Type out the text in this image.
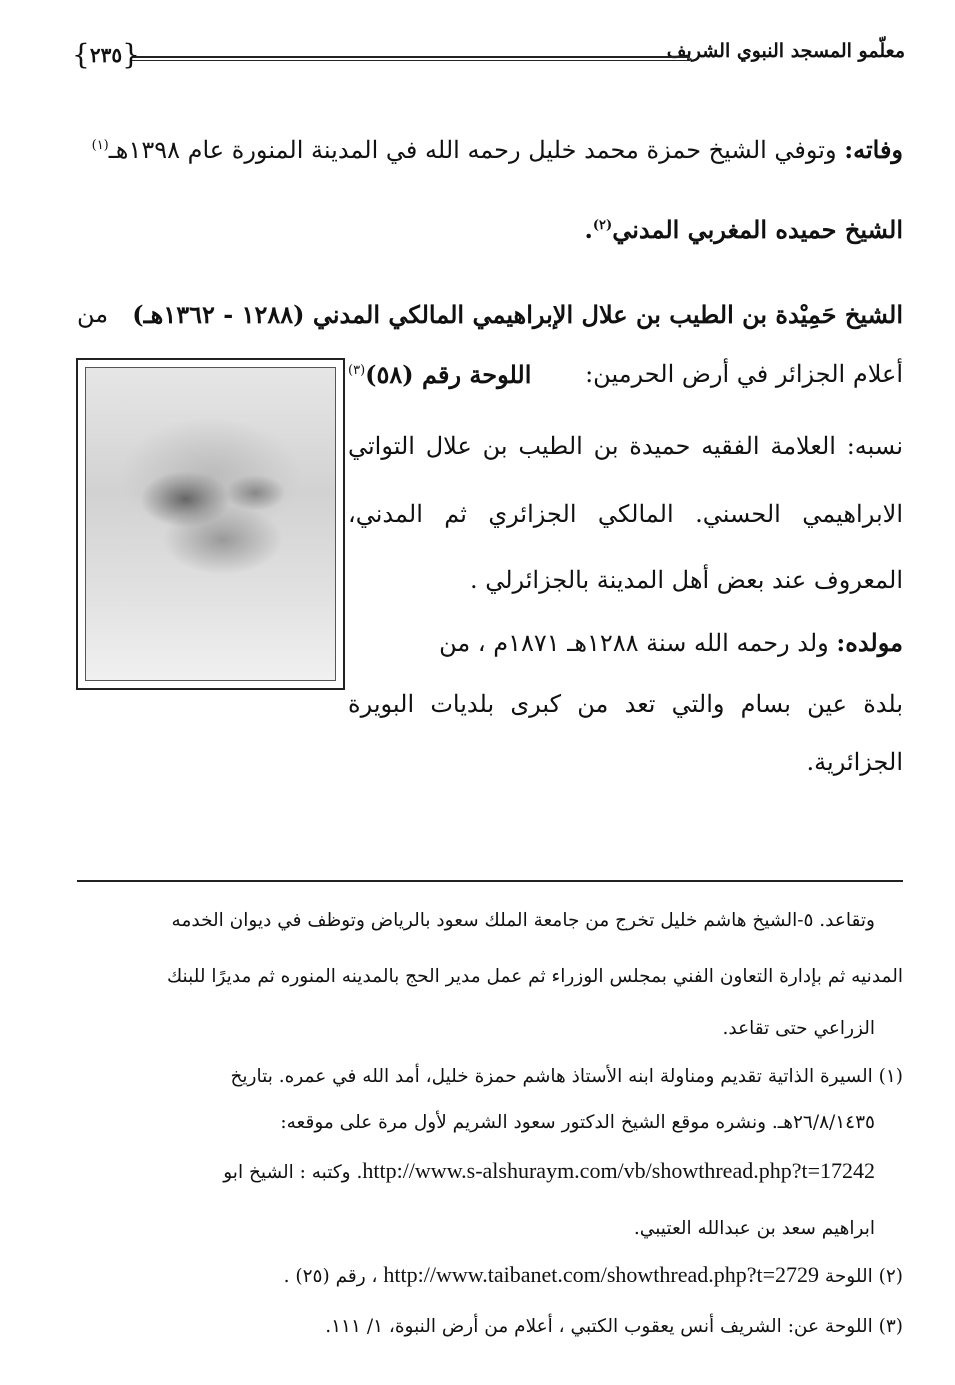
معلّمو المسجد النبوي الشريف
{ ٢٣٥ }
وفاته: وتوفي الشيخ حمزة محمد خليل رحمه الله في المدينة المنورة عام ١٣٩٨هـ$^{(١)}$
الشيخ حميده المغربي المدني$^{(٢)}$.
الشيخ حَمِيْدة بن الطيب بن علال الإبراهيمي المالكي المدني (١٢٨٨ - ١٣٦٢هـ)
من
أعلام الجزائر في أرض الحرمين:
اللوحة رقم (٥٨)$^{(٣)}$
نسبه: العلامة الفقيه حميدة بن الطيب بن علال التواتي
الابراهيمي الحسني. المالكي الجزائري ثم المدني،
المعروف عند بعض أهل المدينة بالجزائرلي .
مولده: ولد رحمه الله سنة ١٢٨٨هـ ١٨٧١م ، من
بلدة عين بسام والتي تعد من كبرى بلديات البويرة
الجزائرية.
وتقاعد. ٥-الشيخ هاشم خليل تخرج من جامعة الملك سعود بالرياض وتوظف في ديوان الخدمه
المدنيه ثم بإدارة التعاون الفني بمجلس الوزراء ثم عمل مدير الحج بالمدينه المنوره ثم مديرًا للبنك
الزراعي حتى تقاعد.
(١) السيرة الذاتية تقديم ومناولة ابنه الأستاذ هاشم حمزة خليل، أمد الله في عمره. بتاريخ
٢٦/٨/١٤٣٥هـ. ونشره موقع الشيخ الدكتور سعود الشريم لأول مرة على موقعه:
http://www.s-alshuraym.com/vb/showthread.php?t=17242. وكتبه : الشيخ ابو
ابراهيم سعد بن عبدالله العتيبي.
(٢) اللوحة http://www.taibanet.com/showthread.php?t=2729 ، رقم (٢٥) .
(٣) اللوحة عن: الشريف أنس يعقوب الكتبي ، أعلام من أرض النبوة، ١/ ١١١.
